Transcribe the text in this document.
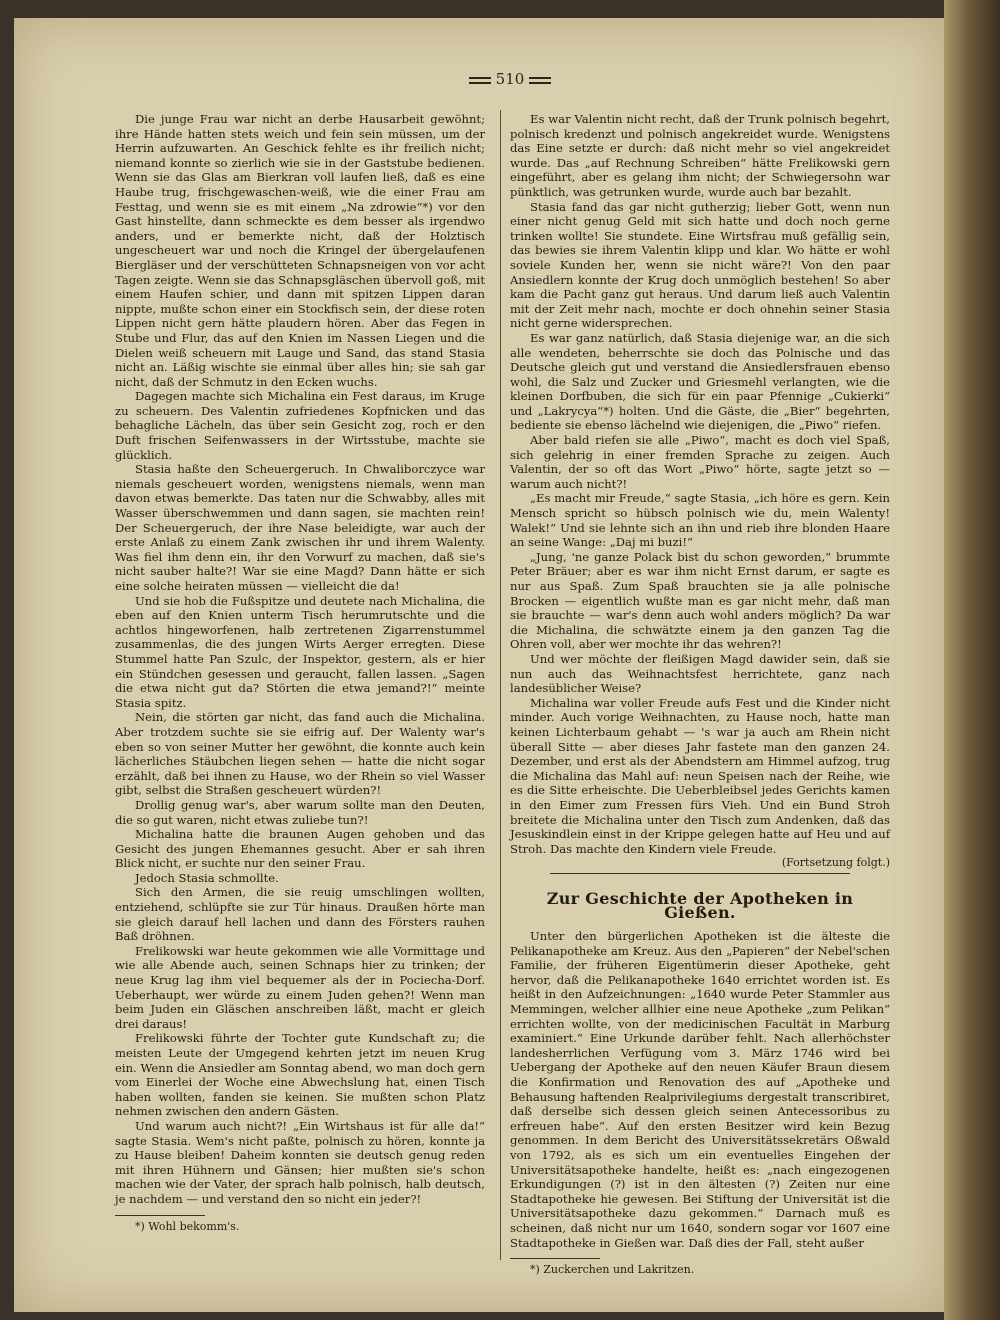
510

Die junge Frau war nicht an derbe Hausarbeit gewöhnt; ihre Hände hatten stets weich und fein sein müssen, um der Herrin aufzuwarten. An Geschick fehlte es ihr freilich nicht; niemand konnte so zierlich wie sie in der Gaststube bedienen. Wenn sie das Glas am Bierkran voll laufen ließ, daß es eine Haube trug, frischgewaschen-weiß, wie die einer Frau am Festtag, und wenn sie es mit einem „Na zdrowie“*) vor den Gast hinstellte, dann schmeckte es dem besser als irgendwo anders, und er bemerkte nicht, daß der Holztisch ungescheuert war und noch die Kringel der übergelaufenen Biergläser und der verschütteten Schnapsneigen von vor acht Tagen zeigte. Wenn sie das Schnapsgläschen übervoll goß, mit einem Haufen schier, und dann mit spitzen Lippen daran nippte, mußte schon einer ein Stockfisch sein, der diese roten Lippen nicht gern hätte plaudern hören. Aber das Fegen in Stube und Flur, das auf den Knien im Nassen Liegen und die Dielen weiß scheuern mit Lauge und Sand, das stand Stasia nicht an. Läßig wischte sie einmal über alles hin; sie sah gar nicht, daß der Schmutz in den Ecken wuchs.

Dagegen machte sich Michalina ein Fest daraus, im Kruge zu scheuern. Des Valentin zufriedenes Kopfnicken und das behagliche Lächeln, das über sein Gesicht zog, roch er den Duft frischen Seifenwassers in der Wirtsstube, machte sie glücklich.

Stasia haßte den Scheuergeruch. In Chwaliborczyce war niemals gescheuert worden, wenigstens niemals, wenn man davon etwas bemerkte. Das taten nur die Schwabby, alles mit Wasser überschwemmen und dann sagen, sie machten rein! Der Scheuergeruch, der ihre Nase beleidigte, war auch der erste Anlaß zu einem Zank zwischen ihr und ihrem Walenty. Was fiel ihm denn ein, ihr den Vorwurf zu machen, daß sie's nicht sauber halte?! War sie eine Magd? Dann hätte er sich eine solche heiraten müssen — vielleicht die da!

Und sie hob die Fußspitze und deutete nach Michalina, die eben auf den Knien unterm Tisch herumrutschte und die achtlos hingeworfenen, halb zertretenen Zigarrenstummel zusammenlas, die des jungen Wirts Aerger erregten. Diese Stummel hatte Pan Szulc, der Inspektor, gestern, als er hier ein Stündchen gesessen und geraucht, fallen lassen. „Sagen die etwa nicht gut da? Störten die etwa jemand?!“ meinte Stasia spitz.

Nein, die störten gar nicht, das fand auch die Michalina. Aber trotzdem suchte sie sie eifrig auf. Der Walenty war's eben so von seiner Mutter her gewöhnt, die konnte auch kein lächerliches Stäubchen liegen sehen — hatte die nicht sogar erzählt, daß bei ihnen zu Hause, wo der Rhein so viel Wasser gibt, selbst die Straßen gescheuert würden?!

Drollig genug war's, aber warum sollte man den Deuten, die so gut waren, nicht etwas zuliebe tun?!

Michalina hatte die braunen Augen gehoben und das Gesicht des jungen Ehemannes gesucht. Aber er sah ihren Blick nicht, er suchte nur den seiner Frau.

Jedoch Stasia schmollte.

Sich den Armen, die sie reuig umschlingen wollten, entziehend, schlüpfte sie zur Tür hinaus. Draußen hörte man sie gleich darauf hell lachen und dann des Försters rauhen Baß dröhnen.

Frelikowski war heute gekommen wie alle Vormittage und wie alle Abende auch, seinen Schnaps hier zu trinken; der neue Krug lag ihm viel bequemer als der in Pociecha-Dorf. Ueberhaupt, wer würde zu einem Juden gehen?! Wenn man beim Juden ein Gläschen anschreiben läßt, macht er gleich drei daraus!

Frelikowski führte der Tochter gute Kundschaft zu; die meisten Leute der Umgegend kehrten jetzt im neuen Krug ein. Wenn die Ansiedler am Sonntag abend, wo man doch gern vom Einerlei der Woche eine Abwechslung hat, einen Tisch haben wollten, fanden sie keinen. Sie mußten schon Platz nehmen zwischen den andern Gästen.

Und warum auch nicht?! „Ein Wirtshaus ist für alle da!“ sagte Stasia. Wem's nicht paßte, polnisch zu hören, konnte ja zu Hause bleiben! Daheim konnten sie deutsch genug reden mit ihren Hühnern und Gänsen; hier mußten sie's schon machen wie der Vater, der sprach halb polnisch, halb deutsch, je nachdem — und verstand den so nicht ein jeder?!

*) Wohl bekomm's.

Es war Valentin nicht recht, daß der Trunk polnisch begehrt, polnisch kredenzt und polnisch angekreidet wurde. Wenigstens das Eine setzte er durch: daß nicht mehr so viel angekreidet wurde. Das „auf Rechnung Schreiben“ hätte Frelikowski gern eingeführt, aber es gelang ihm nicht; der Schwiegersohn war pünktlich, was getrunken wurde, wurde auch bar bezahlt.

Stasia fand das gar nicht gutherzig; lieber Gott, wenn nun einer nicht genug Geld mit sich hatte und doch noch gerne trinken wollte! Sie stundete. Eine Wirtsfrau muß gefällig sein, das bewies sie ihrem Valentin klipp und klar. Wo hätte er wohl soviele Kunden her, wenn sie nicht wäre?! Von den paar Ansiedlern konnte der Krug doch unmöglich bestehen! So aber kam die Pacht ganz gut heraus. Und darum ließ auch Valentin mit der Zeit mehr nach, mochte er doch ohnehin seiner Stasia nicht gerne widersprechen.

Es war ganz natürlich, daß Stasia diejenige war, an die sich alle wendeten, beherrschte sie doch das Polnische und das Deutsche gleich gut und verstand die Ansiedlersfrauen ebenso wohl, die Salz und Zucker und Griesmehl verlangten, wie die kleinen Dorfbuben, die sich für ein paar Pfennige „Cukierki“ und „Lakrycya“*) holten. Und die Gäste, die „Bier“ begehrten, bediente sie ebenso lächelnd wie diejenigen, die „Piwo“ riefen.

Aber bald riefen sie alle „Piwo“, macht es doch viel Spaß, sich gelehrig in einer fremden Sprache zu zeigen. Auch Valentin, der so oft das Wort „Piwo“ hörte, sagte jetzt so — warum auch nicht?!

„Es macht mir Freude,“ sagte Stasia, „ich höre es gern. Kein Mensch spricht so hübsch polnisch wie du, mein Walenty! Walek!“ Und sie lehnte sich an ihn und rieb ihre blonden Haare an seine Wange: „Daj mi buzi!“

„Jung, 'ne ganze Polack bist du schon geworden,“ brummte Peter Bräuer; aber es war ihm nicht Ernst darum, er sagte es nur aus Spaß. Zum Spaß brauchten sie ja alle polnische Brocken — eigentlich wußte man es gar nicht mehr, daß man sie brauchte — war's denn auch wohl anders möglich? Da war die Michalina, die schwätzte einem ja den ganzen Tag die Ohren voll, aber wer mochte ihr das wehren?!

Und wer möchte der fleißigen Magd dawider sein, daß sie nun auch das Weihnachtsfest herrichtete, ganz nach landesüblicher Weise?

Michalina war voller Freude aufs Fest und die Kinder nicht minder. Auch vorige Weihnachten, zu Hause noch, hatte man keinen Lichterbaum gehabt — 's war ja auch am Rhein nicht überall Sitte — aber dieses Jahr fastete man den ganzen 24. Dezember, und erst als der Abendstern am Himmel aufzog, trug die Michalina das Mahl auf: neun Speisen nach der Reihe, wie es die Sitte erheischte. Die Ueberbleibsel jedes Gerichts kamen in den Eimer zum Fressen fürs Vieh. Und ein Bund Stroh breitete die Michalina unter den Tisch zum Andenken, daß das Jesuskindlein einst in der Krippe gelegen hatte auf Heu und auf Stroh. Das machte den Kindern viele Freude.

(Fortsetzung folgt.)

Zur Geschichte der Apotheken in Gießen.

Unter den bürgerlichen Apotheken ist die älteste die Pelikanapotheke am Kreuz. Aus den „Papieren“ der Nebel'schen Familie, der früheren Eigentümerin dieser Apotheke, geht hervor, daß die Pelikanapotheke 1640 errichtet worden ist. Es heißt in den Aufzeichnungen: „1640 wurde Peter Stammler aus Memmingen, welcher allhier eine neue Apotheke „zum Pelikan“ errichten wollte, von der medicinischen Facultät in Marburg examiniert.“ Eine Urkunde darüber fehlt. Nach allerhöchster landesherrlichen Verfügung vom 3. März 1746 wird bei Uebergang der Apotheke auf den neuen Käufer Braun diesem die Konfirmation und Renovation des auf „Apotheke und Behausung haftenden Realprivilegiums dergestalt transcribiret, daß derselbe sich dessen gleich seinen Antecessoribus zu erfreuen habe“. Auf den ersten Besitzer wird kein Bezug genommen. In dem Bericht des Universitätssekretärs Oßwald von 1792, als es sich um ein eventuelles Eingehen der Universitätsapotheke handelte, heißt es: „nach eingezogenen Erkundigungen (?) ist in den ältesten (?) Zeiten nur eine Stadtapotheke hie gewesen. Bei Stiftung der Universität ist die Universitätsapotheke dazu gekommen.“ Darnach muß es scheinen, daß nicht nur um 1640, sondern sogar vor 1607 eine Stadtapotheke in Gießen war. Daß dies der Fall, steht außer

*) Zuckerchen und Lakritzen.
